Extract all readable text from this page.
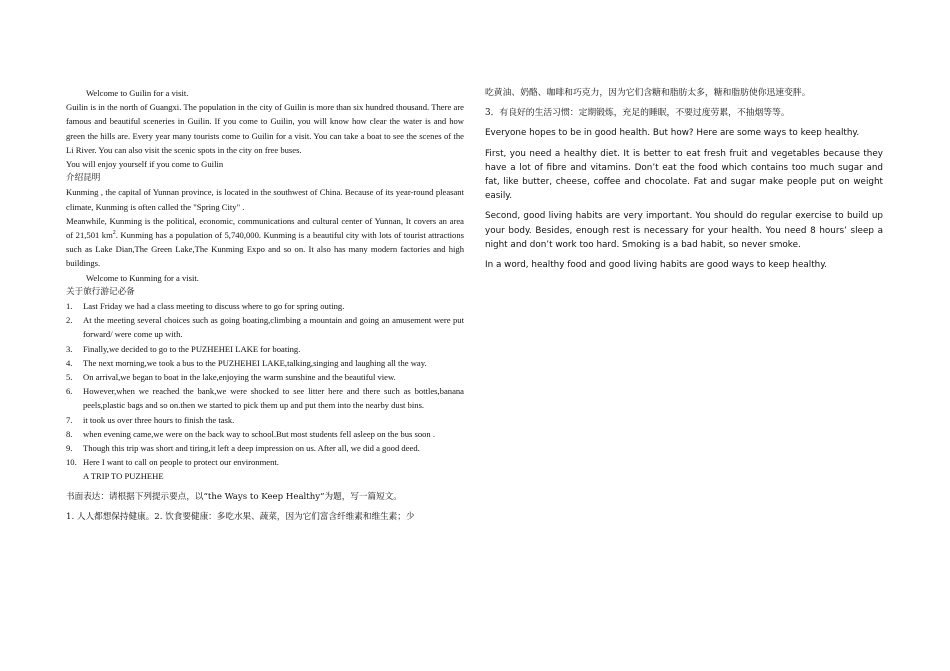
Welcome to Guilin for a visit.

Guilin is in the north of Guangxi. The population in the city of Guilin is more than six hundred thousand. There are famous and beautiful sceneries in Guilin. If you come to Guilin, you will know how clear the water is and how green the hills are. Every year many tourists come to Guilin for a visit. You can take a boat to see the scenes of the Li River. You can also visit the scenic spots in the city on free buses.

You will enjoy yourself if you come to Guilin

介绍昆明

Kunming , the capital of Yunnan province, is located in the southwest of China. Because of its year-round pleasant climate, Kunming is often called the "Spring City" .

Meanwhile, Kunming is the political, economic, communications and cultural center of Yunnan, It covers an area of 21,501 $km^2$. Kunming has a population of 5,740,000. Kunming is a beautiful city with lots of tourist attractions such as Lake Dian,The Green Lake,The Kunming Expo and so on. It also has many modern factories and high buildings.

Welcome to Kunming for a visit.

关于旅行游记必备

1. Last Friday we had a class meeting to discuss where to go for spring outing.
2. At the meeting several choices such as going boating,climbing a mountain and going an amusement were put forward/ were come up with.
3. Finally,we decided to go to the PUZHEHEI LAKE for boating.
4. The next morning,we took a bus to the PUZHEHEI LAKE,talking,singing and laughing all the way.
5. On arrival,we began to boat in the lake,enjoying the warm sunshine and the beautiful view.
6. However,when we reached the bank,we were shocked to see litter here and there such as bottles,banana peels,plastic bags and so on.then we started to pick them up and put them into the nearby dust bins.
7. it took us over three hours to finish the task.
8. when evening came,we were on the back way to school.But most students fell asleep on the bus soon .
9. Though this trip was short and tiring,it left a deep impression on us. After all, we did a good deed.
10. Here I want to call on people to protect our environment.

A TRIP TO PUZHEHE

书面表达：请根据下列提示要点，以“the Ways to Keep Healthy”为题，写一篇短文。

1. 人人都想保持健康。2. 饮食要健康：多吃水果、蔬菜，因为它们富含纤维素和维生素；少

吃黄油、奶酪、咖啡和巧克力，因为它们含糖和脂肪太多，糖和脂肪使你迅速变胖。

3．有良好的生活习惯：定期锻炼，充足的睡眠，不要过度劳累，不抽烟等等。

Everyone hopes to be in good health. But how? Here are some ways to keep healthy.

First, you need a healthy diet. It is better to eat fresh fruit and vegetables because they have a lot of fibre and vitamins. Don’t eat the food which contains too much sugar and fat, like butter, cheese, coffee and chocolate. Fat and sugar make people put on weight easily.

Second, good living habits are very important. You should do regular exercise to build up your body. Besides, enough rest is necessary for your health. You need 8 hours’ sleep a night and don’t work too hard. Smoking is a bad habit, so never smoke.

In a word, healthy food and good living habits are good ways to keep healthy.
